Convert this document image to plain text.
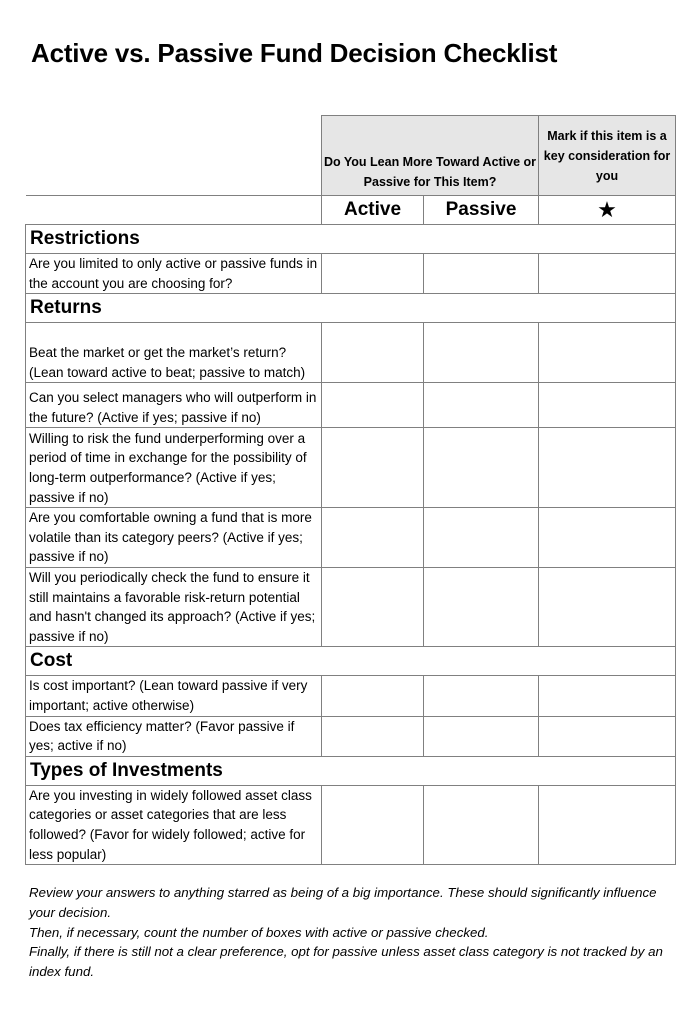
Active vs. Passive Fund Decision Checklist
	Do You Lean More Toward Active or Passive for This Item?		Mark if this item is a key consideration for you
	Active	Passive	★
Restrictions			
Are you limited to only active or passive funds in the account you are choosing for?			
Returns			
Beat the market or get the market’s return? (Lean toward active to beat; passive to match)			
Can you select managers who will outperform in the future? (Active if yes; passive if no)			
Willing to risk the fund underperforming over a period of time in exchange for the possibility of long-term outperformance? (Active if yes; passive if no)			
Are you comfortable owning a fund that is more volatile than its category peers? (Active if yes; passive if no)			
Will you periodically check the fund to ensure it still maintains a favorable risk-return potential and hasn't changed its approach? (Active if yes; passive if no)			
Cost			
Is cost important? (Lean toward passive if very important; active otherwise)			
Does tax efficiency matter? (Favor passive if yes; active if no)			
Types of Investments			
Are you investing in widely followed asset class categories or asset categories that are less followed? (Favor for widely followed; active for less popular)			

Review your answers to anything starred as being of a big importance. These should significantly influence your decision.

Then, if necessary, count the number of boxes with active or passive checked.

Finally, if there is still not a clear preference, opt for passive unless asset class category is not tracked by an index fund.
